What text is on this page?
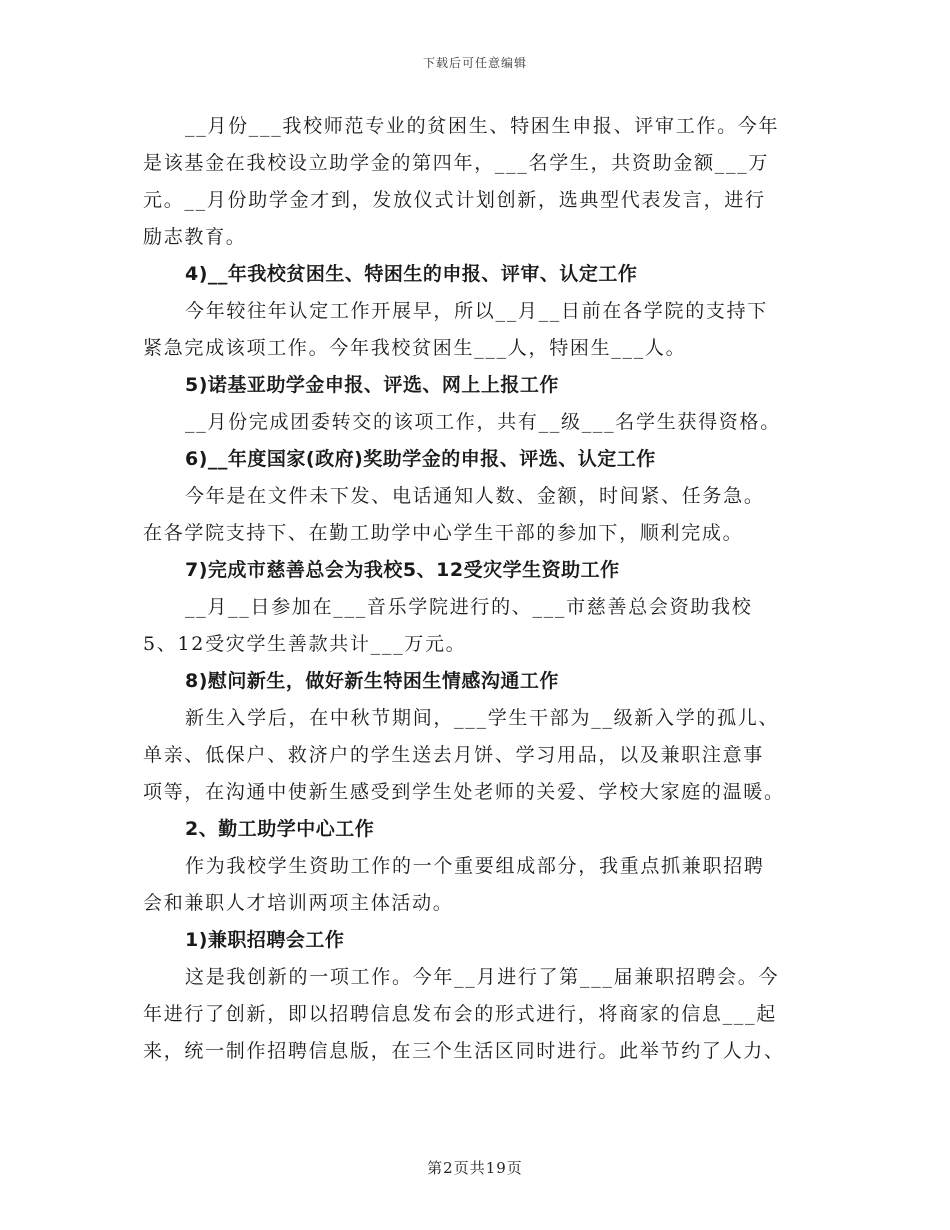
下载后可任意编辑
__月份___我校师范专业的贫困生、特困生申报、评审工作。今年
是该基金在我校设立助学金的第四年，___名学生，共资助金额___万
元。__月份助学金才到，发放仪式计划创新，选典型代表发言，进行
励志教育。
4)__年我校贫困生、特困生的申报、评审、认定工作
今年较往年认定工作开展早，所以__月__日前在各学院的支持下
紧急完成该项工作。今年我校贫困生___人，特困生___人。
5)诺基亚助学金申报、评选、网上上报工作
__月份完成团委转交的该项工作，共有__级___名学生获得资格。
6)__年度国家(政府)奖助学金的申报、评选、认定工作
今年是在文件未下发、电话通知人数、金额，时间紧、任务急。
在各学院支持下、在勤工助学中心学生干部的参加下，顺利完成。
7)完成市慈善总会为我校5、12受灾学生资助工作
__月__日参加在___音乐学院进行的、___市慈善总会资助我校
5、12受灾学生善款共计___万元。
8)慰问新生，做好新生特困生情感沟通工作
新生入学后，在中秋节期间，___学生干部为__级新入学的孤儿、
单亲、低保户、救济户的学生送去月饼、学习用品，以及兼职注意事
项等，在沟通中使新生感受到学生处老师的关爱、学校大家庭的温暖。
2、勤工助学中心工作
作为我校学生资助工作的一个重要组成部分，我重点抓兼职招聘
会和兼职人才培训两项主体活动。
1)兼职招聘会工作
这是我创新的一项工作。今年__月进行了第___届兼职招聘会。今
年进行了创新，即以招聘信息发布会的形式进行，将商家的信息___起
来，统一制作招聘信息版，在三个生活区同时进行。此举节约了人力、
第2页共19页
